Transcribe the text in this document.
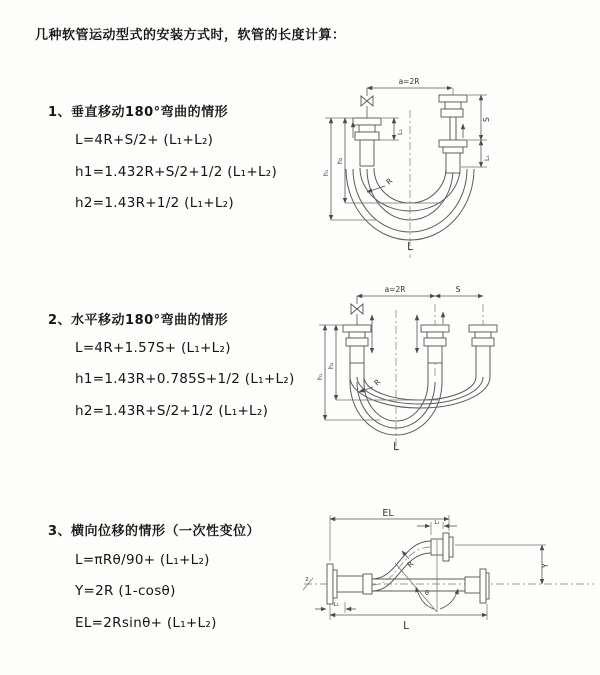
几种软管运动型式的安装方式时，软管的长度计算：
1、垂直移动180°弯曲的情形
L=4R+S/2+ (L₁+L₂)
h1=1.432R+S/2+1/2 (L₁+L₂)
h2=1.43R+1/2 (L₁+L₂)
2、水平移动180°弯曲的情形
L=4R+1.57S+ (L₁+L₂)
h1=1.43R+0.785S+1/2 (L₁+L₂)
h2=1.43R+S/2+1/2 (L₁+L₂)
3、横向位移的情形（一次性变位）
L=πRθ/90+ (L₁+L₂)
Y=2R (1-cosθ)
EL=2Rsinθ+ (L₁+L₂)
a=2R
S
L₁
L₁
h₁
h₂
R
L
a=2R	S
h₁
h₂
R
L
z
EL
L₁
Y
θ
R
L₁
L
